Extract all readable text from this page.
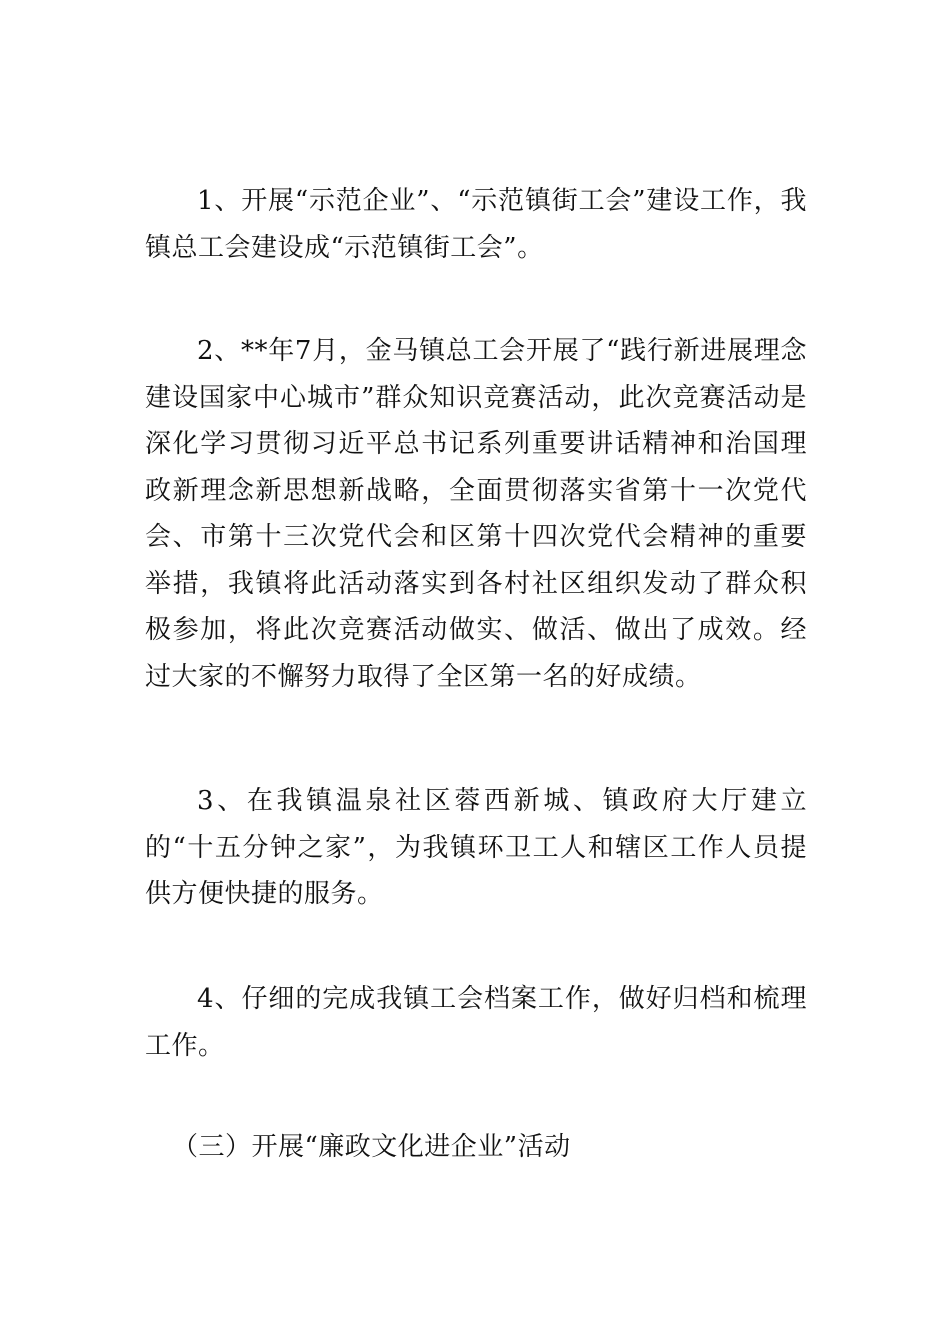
1、开展“示范企业”、“示范镇街工会”建设工作，我镇总工会建设成“示范镇街工会”。

2、**年7月，金马镇总工会开展了“践行新进展理念建设国家中心城市”群众知识竞赛活动，此次竞赛活动是深化学习贯彻习近平总书记系列重要讲话精神和治国理政新理念新思想新战略，全面贯彻落实省第十一次党代会、市第十三次党代会和区第十四次党代会精神的重要举措，我镇将此活动落实到各村社区组织发动了群众积极参加，将此次竞赛活动做实、做活、做出了成效。经过大家的不懈努力取得了全区第一名的好成绩。

3、在我镇温泉社区蓉西新城、镇政府大厅建立的“十五分钟之家”，为我镇环卫工人和辖区工作人员提供方便快捷的服务。

4、仔细的完成我镇工会档案工作，做好归档和梳理工作。

（三）开展“廉政文化进企业”活动
